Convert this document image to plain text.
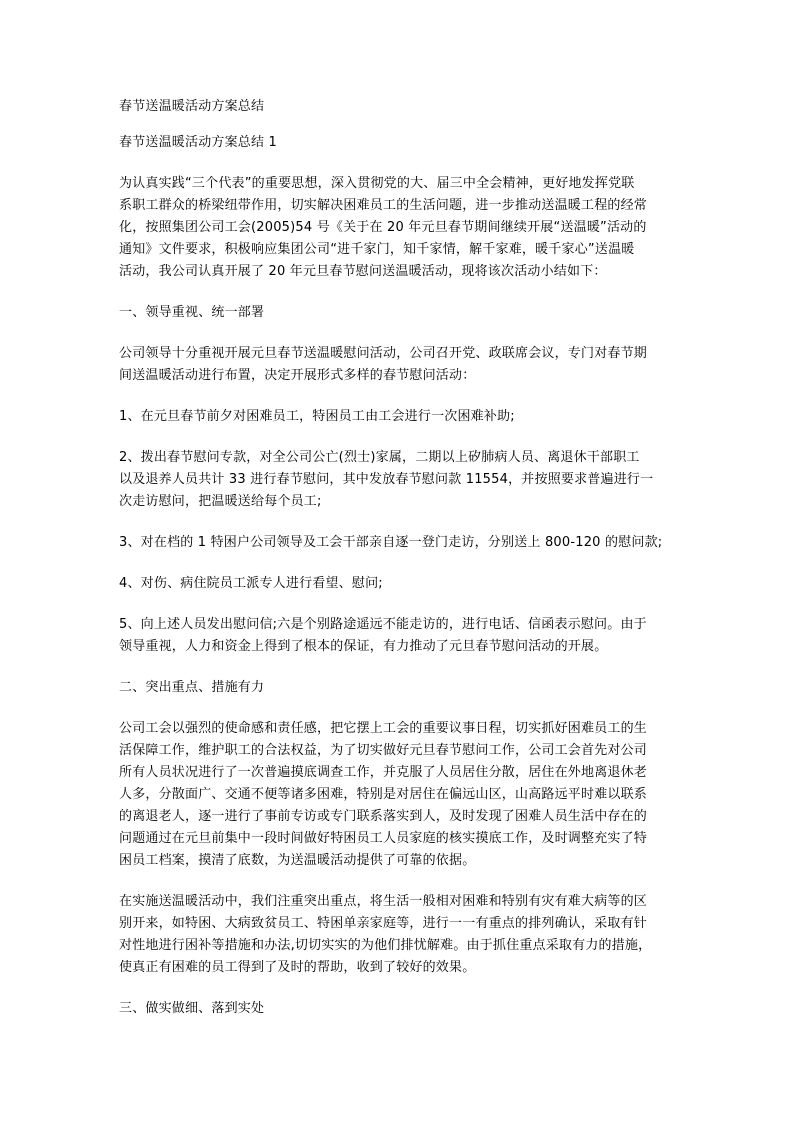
春节送温暖活动方案总结

春节送温暖活动方案总结 1

为认真实践“三个代表”的重要思想，深入贯彻党的大、届三中全会精神，更好地发挥党联

系职工群众的桥梁纽带作用，切实解决困难员工的生活问题，进一步推动送温暖工程的经常

化，按照集团公司工会(2005)54 号《关于在 20 年元旦春节期间继续开展“送温暖”活动的

通知》文件要求，积极响应集团公司“进千家门，知千家情，解千家难，暖千家心”送温暖

活动，我公司认真开展了 20 年元旦春节慰问送温暖活动，现将该次活动小结如下：

一、领导重视、统一部署

公司领导十分重视开展元旦春节送温暖慰问活动，公司召开党、政联席会议，专门对春节期

间送温暖活动进行布置，决定开展形式多样的春节慰问活动：

1、在元旦春节前夕对困难员工，特困员工由工会进行一次困难补助;

2、拨出春节慰问专款，对全公司公亡(烈士)家属，二期以上矽肺病人员、离退休干部职工

以及退养人员共计 33 进行春节慰问，其中发放春节慰问款 11554，并按照要求普遍进行一

次走访慰问，把温暖送给每个员工;

3、对在档的 1 特困户公司领导及工会干部亲自逐一登门走访，分别送上 800-120 的慰问款;

4、对伤、病住院员工派专人进行看望、慰问;

5、向上述人员发出慰问信;六是个别路途遥远不能走访的，进行电话、信函表示慰问。由于

领导重视，人力和资金上得到了根本的保证，有力推动了元旦春节慰问活动的开展。

二、突出重点、措施有力

公司工会以强烈的使命感和责任感，把它摆上工会的重要议事日程，切实抓好困难员工的生

活保障工作，维护职工的合法权益，为了切实做好元旦春节慰问工作，公司工会首先对公司

所有人员状况进行了一次普遍摸底调查工作，并克服了人员居住分散，居住在外地离退休老

人多，分散面广、交通不便等诸多困难，特别是对居住在偏远山区，山高路远平时难以联系

的离退老人，逐一进行了事前专访或专门联系落实到人，及时发现了困难人员生活中存在的

问题通过在元旦前集中一段时间做好特困员工人员家庭的核实摸底工作，及时调整充实了特

困员工档案，摸清了底数，为送温暖活动提供了可靠的依据。

在实施送温暖活动中，我们注重突出重点，将生活一般相对困难和特别有灾有难大病等的区

别开来，如特困、大病致贫员工、特困单亲家庭等，进行一一有重点的排列确认，采取有针

对性地进行困补等措施和办法,切切实实的为他们排忧解难。由于抓住重点采取有力的措施，

使真正有困难的员工得到了及时的帮助，收到了较好的效果。

三、做实做细、落到实处
